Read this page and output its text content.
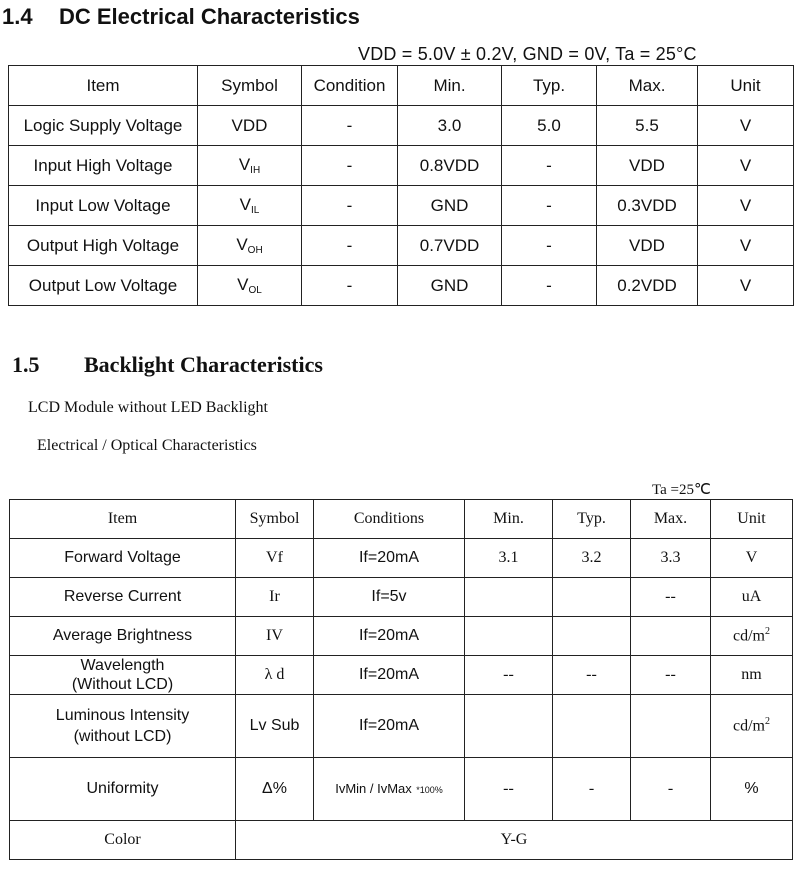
1.4 DC Electrical Characteristics
VDD = 5.0V ± 0.2V, GND = 0V, Ta = 25°C
Item	Symbol	Condition	Min.	Typ.	Max.	Unit
Logic Supply Voltage	VDD	-	3.0	5.0	5.5	V
Input High Voltage	$V_{IH}$	-	0.8VDD	-	VDD	V
Input Low Voltage	$V_{IL}$	-	GND	-	0.3VDD	V
Output High Voltage	$V_{OH}$	-	0.7VDD	-	VDD	V
Output Low Voltage	$V_{OL}$	-	GND	-	0.2VDD	V
1.5 Backlight Characteristics
LCD Module without LED Backlight
Electrical / Optical Characteristics
Ta =25℃
Item	Symbol	Conditions	Min.	Typ.	Max.	Unit
Forward Voltage	Vf	If=20mA	3.1	3.2	3.3	V
Reverse Current	Ir	If=5v			--	uA
Average Brightness	IV	If=20mA				$cd/m^2$
Wavelength
(Without LCD)	λ d	If=20mA	--	--	--	nm
Luminous Intensity
(without LCD)	Lv Sub	If=20mA				$cd/m^2$
Uniformity	Δ%	IvMin / IvMax *100%	--	-	-	%
Color	Y-G					
